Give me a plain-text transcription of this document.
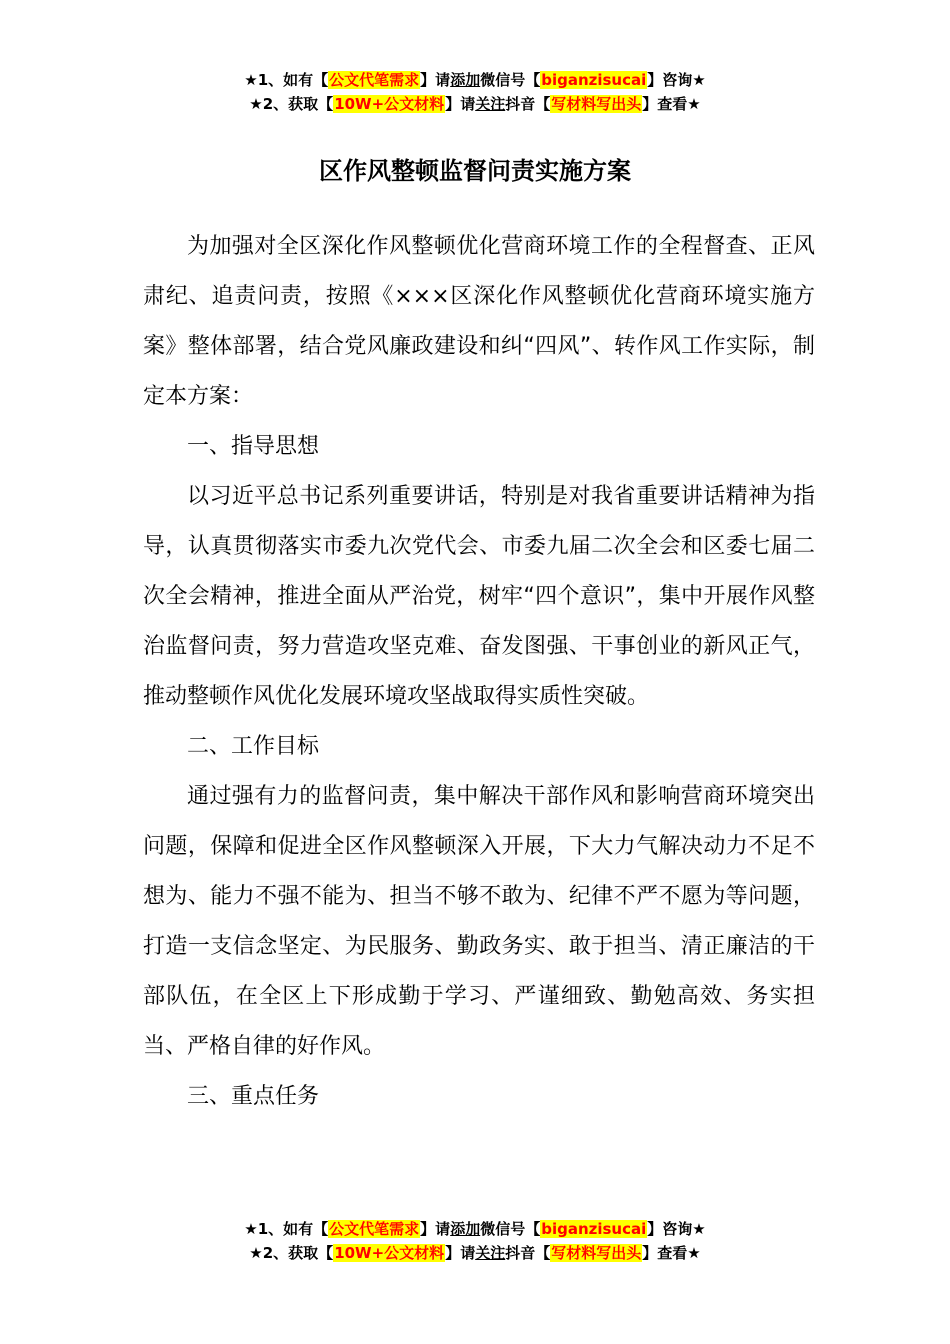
★1、如有【公文代笔需求】请添加微信号【biganzisucai】咨询★
★2、获取【10W+公文材料】请关注抖音【写材料写出头】查看★
区作风整顿监督问责实施方案

为加强对全区深化作风整顿优化营商环境工作的全程督查、正风肃纪、追责问责，按照《×××区深化作风整顿优化营商环境实施方案》整体部署，结合党风廉政建设和纠“四风”、转作风工作实际，制定本方案：

一、指导思想

以习近平总书记系列重要讲话，特别是对我省重要讲话精神为指导，认真贯彻落实市委九次党代会、市委九届二次全会和区委七届二次全会精神，推进全面从严治党，树牢“四个意识”，集中开展作风整治监督问责，努力营造攻坚克难、奋发图强、干事创业的新风正气，推动整顿作风优化发展环境攻坚战取得实质性突破。

二、工作目标

通过强有力的监督问责，集中解决干部作风和影响营商环境突出问题，保障和促进全区作风整顿深入开展，下大力气解决动力不足不想为、能力不强不能为、担当不够不敢为、纪律不严不愿为等问题，打造一支信念坚定、为民服务、勤政务实、敢于担当、清正廉洁的干部队伍，在全区上下形成勤于学习、严谨细致、勤勉高效、务实担当、严格自律的好作风。

三、重点任务

★1、如有【公文代笔需求】请添加微信号【biganzisucai】咨询★
★2、获取【10W+公文材料】请关注抖音【写材料写出头】查看★
